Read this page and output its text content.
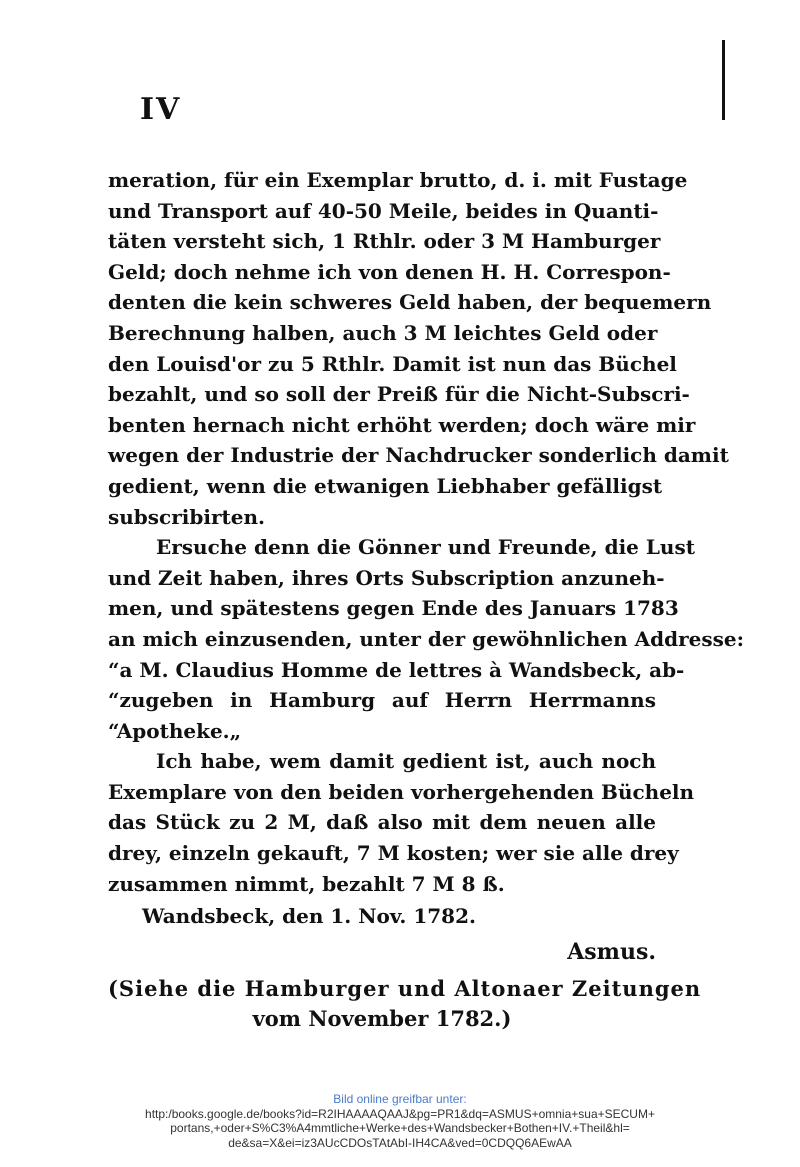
IV
meration, für ein Exemplar brutto, d. i. mit Fustage
und Transport auf 40-50 Meile, beides in Quanti-
täten versteht sich, 1 Rthlr. oder 3 M Hamburger
Geld; doch nehme ich von denen H. H. Correspon-
denten die kein schweres Geld haben, der bequemern
Berechnung halben, auch 3 M leichtes Geld oder
den Louisd'or zu 5 Rthlr. Damit ist nun das Büchel
bezahlt, und so soll der Preiß für die Nicht-Subscri-
benten hernach nicht erhöht werden; doch wäre mir
wegen der Industrie der Nachdrucker sonderlich damit
gedient, wenn die etwanigen Liebhaber gefälligst
subscribirten.
Ersuche denn die Gönner und Freunde, die Lust
und Zeit haben, ihres Orts Subscription anzuneh-
men, und spätestens gegen Ende des Januars 1783
an mich einzusenden, unter der gewöhnlichen Addresse:
“a M. Claudius Homme de lettres à Wandsbeck, ab-
“zugeben in Hamburg auf Herrn Herrmanns
“Apotheke.„
Ich habe, wem damit gedient ist, auch noch
Exemplare von den beiden vorhergehenden Bücheln
das Stück zu 2 M, daß also mit dem neuen alle
drey, einzeln gekauft, 7 M kosten; wer sie alle drey
zusammen nimmt, bezahlt 7 M 8 ß.
Wandsbeck, den 1. Nov. 1782.
Asmus.
(Siehe die Hamburger und Altonaer Zeitungen
vom November 1782.)
Bild online greifbar unter:
http:/books.google.de/books?id=R2IHAAAAQAAJ&pg=PR1&dq=ASMUS+omnia+sua+SECUM+
portans,+oder+S%C3%A4mmtliche+Werke+des+Wandsbecker+Bothen+IV.+Theil&hl=
de&sa=X&ei=iz3AUcCDOsTAtAbI-IH4CA&ved=0CDQQ6AEwAA
